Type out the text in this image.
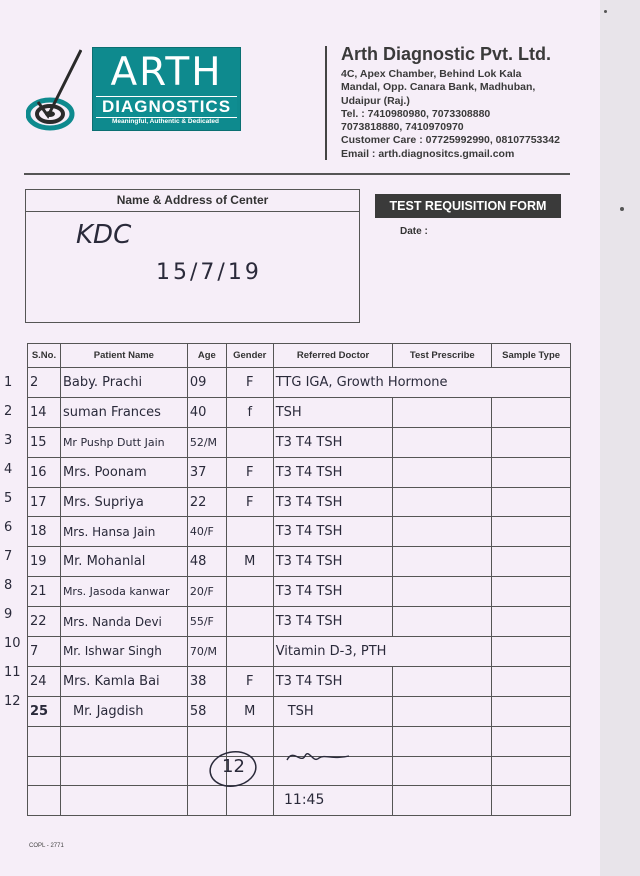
ARTH
DIAGNOSTICS
Meaningful, Authentic & Dedicated
Arth Diagnostic Pvt. Ltd.
4C, Apex Chamber, Behind Lok Kala
Mandal, Opp. Canara Bank, Madhuban,
Udaipur (Raj.)
Tel. : 7410980980, 7073308880
7073818880, 7410970970
Customer Care : 07725992990, 08107753342
Email : arth.diagnositcs.gmail.com
Name & Address of Center
KDC
15/7/19
TEST REQUISITION FORM
Date :
1
2
3
4
5
6
7
8
9
10
11
12
S.No.	Patient Name	Age	Gender	Referred Doctor	Test Prescribe	Sample Type
2	Baby. Prachi	09	F	TTG IGA, Growth Hormone		
14	suman Frances	40	f	TSH		
15	Mr Pushp Dutt Jain	52/M		T3 T4 TSH		
16	Mrs. Poonam	37	F	T3 T4 TSH		
17	Mrs. Supriya	22	F	T3 T4 TSH		
18	Mrs. Hansa Jain	40/F		T3 T4 TSH		
19	Mr. Mohanlal	48	M	T3 T4 TSH		
21	Mrs. Jasoda kanwar	20/F		T3 T4 TSH		
22	Mrs. Nanda Devi	55/F		T3 T4 TSH		
7	Mr. Ishwar Singh	70/M		Vitamin D-3, PTH		
24	Mrs. Kamla Bai	38	F	T3 T4 TSH		
25	Mr. Jagdish	58	M	TSH		

12
11:45
COPL - 2771
